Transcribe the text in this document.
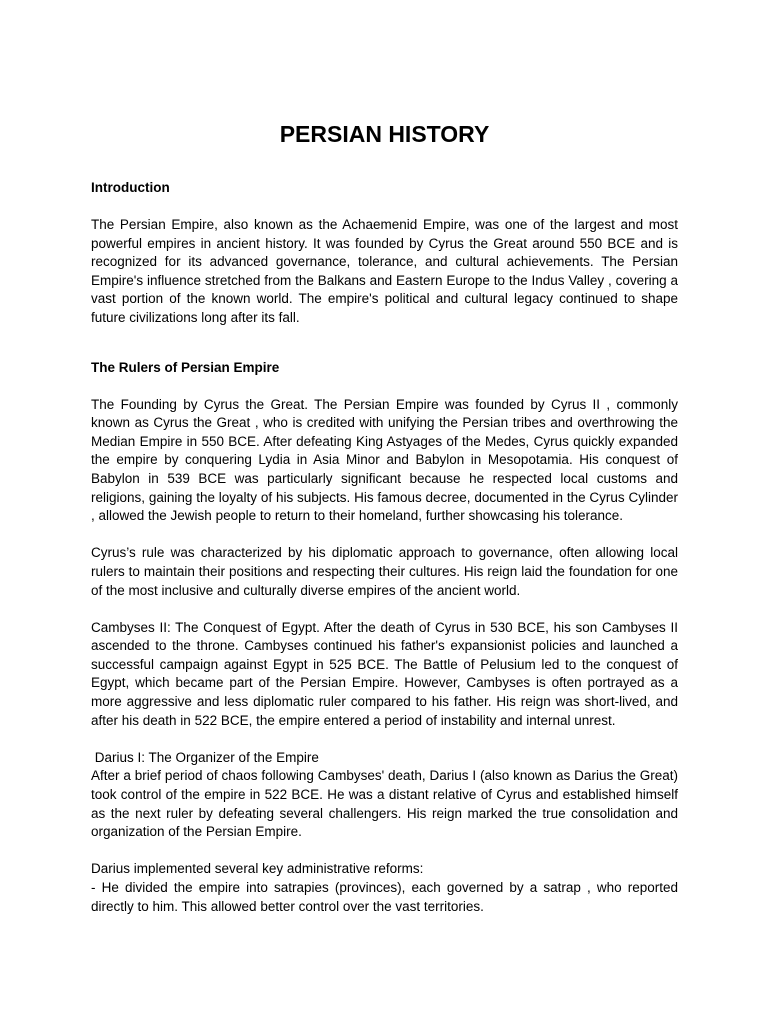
PERSIAN HISTORY
Introduction

The Persian Empire, also known as the Achaemenid Empire, was one of the largest and most powerful empires in ancient history. It was founded by Cyrus the Great around 550 BCE and is recognized for its advanced governance, tolerance, and cultural achievements. The Persian Empire's influence stretched from the Balkans and Eastern Europe to the Indus Valley , covering a vast portion of the known world. The empire's political and cultural legacy continued to shape future civilizations long after its fall.

The Rulers of Persian Empire

The Founding by Cyrus the Great. The Persian Empire was founded by Cyrus II , commonly known as Cyrus the Great , who is credited with unifying the Persian tribes and overthrowing the Median Empire in 550 BCE. After defeating King Astyages of the Medes, Cyrus quickly expanded the empire by conquering Lydia in Asia Minor and Babylon in Mesopotamia. His conquest of Babylon in 539 BCE was particularly significant because he respected local customs and religions, gaining the loyalty of his subjects. His famous decree, documented in the Cyrus Cylinder , allowed the Jewish people to return to their homeland, further showcasing his tolerance.

Cyrus’s rule was characterized by his diplomatic approach to governance, often allowing local rulers to maintain their positions and respecting their cultures. His reign laid the foundation for one of the most inclusive and culturally diverse empires of the ancient world.

Cambyses II: The Conquest of Egypt. After the death of Cyrus in 530 BCE, his son Cambyses II ascended to the throne. Cambyses continued his father's expansionist policies and launched a successful campaign against Egypt in 525 BCE. The Battle of Pelusium led to the conquest of Egypt, which became part of the Persian Empire. However, Cambyses is often portrayed as a more aggressive and less diplomatic ruler compared to his father. His reign was short-lived, and after his death in 522 BCE, the empire entered a period of instability and internal unrest.

Darius I: The Organizer of the Empire
After a brief period of chaos following Cambyses' death, Darius I (also known as Darius the Great) took control of the empire in 522 BCE. He was a distant relative of Cyrus and established himself as the next ruler by defeating several challengers. His reign marked the true consolidation and organization of the Persian Empire.
Darius implemented several key administrative reforms:
- He divided the empire into satrapies (provinces), each governed by a satrap , who reported directly to him. This allowed better control over the vast territories.
